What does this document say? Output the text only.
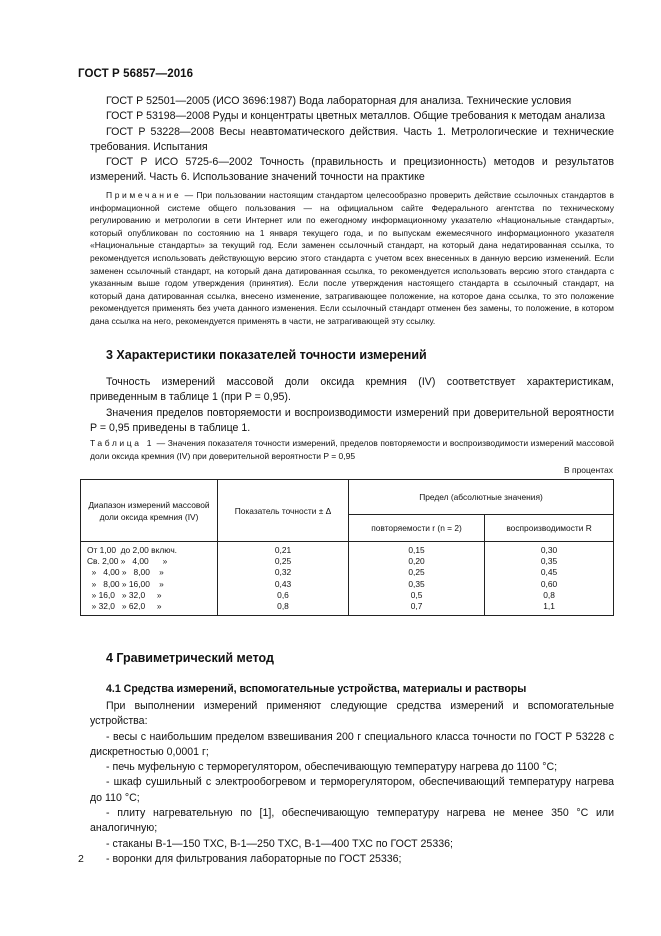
ГОСТ Р 56857—2016

ГОСТ Р 52501—2005 (ИСО 3696:1987) Вода лабораторная для анализа. Технические условия

ГОСТ Р 53198—2008 Руды и концентраты цветных металлов. Общие требования к методам анализа

ГОСТ Р 53228—2008 Весы неавтоматического действия. Часть 1. Метрологические и технические требования. Испытания

ГОСТ Р ИСО 5725-6—2002 Точность (правильность и прецизионность) методов и результатов измерений. Часть 6. Использование значений точности на практике

Примечание — При пользовании настоящим стандартом целесообразно проверить действие ссылочных стандартов в информационной системе общего пользования — на официальном сайте Федерального агентства по техническому регулированию и метрологии в сети Интернет или по ежегодному информационному указателю «Национальные стандарты», который опубликован по состоянию на 1 января текущего года, и по выпускам ежемесячного информационного указателя «Национальные стандарты» за текущий год. Если заменен ссылочный стандарт, на который дана недатированная ссылка, то рекомендуется использовать действующую версию этого стандарта с учетом всех внесенных в данную версию изменений. Если заменен ссылочный стандарт, на который дана датированная ссылка, то рекомендуется использовать версию этого стандарта с указанным выше годом утверждения (принятия). Если после утверждения настоящего стандарта в ссылочный стандарт, на который дана датированная ссылка, внесено изменение, затрагивающее положение, на которое дана ссылка, то это положение рекомендуется применять без учета данного изменения. Если ссылочный стандарт отменен без замены, то положение, в котором дана ссылка на него, рекомендуется применять в части, не затрагивающей эту ссылку.

3 Характеристики показателей точности измерений

Точность измерений массовой доли оксида кремния (IV) соответствует характеристикам, приведенным в таблице 1 (при P = 0,95).

Значения пределов повторяемости и воспроизводимости измерений при доверительной вероятности P = 0,95 приведены в таблице 1.

Таблица 1 — Значения показателя точности измерений, пределов повторяемости и воспроизводимости измерений массовой доли оксида кремния (IV) при доверительной вероятности P = 0,95

В процентах
Диапазон измерений массовой доли оксида кремния (IV)	Показатель точности ± Δ	Предел (абсолютные значения)	
		повторяемости r (n = 2)	воспроизводимости R
От 1,00  до 2,00 включ.	0,21	0,15	0,30
Св. 2,00 »   4,00      »	0,25	0,20	0,35
»   4,00 »   8,00    »	0,32	0,25	0,45
»   8,00 » 16,00    »	0,43	0,35	0,60
» 16,0   » 32,0     »	0,6	0,5	0,8
» 32,0   » 62,0     »	0,8	0,7	1,1
4 Гравиметрический метод
4.1 Средства измерений, вспомогательные устройства, материалы и растворы

При выполнении измерений применяют следующие средства измерений и вспомогательные устройства:

- весы с наибольшим пределом взвешивания 200 г специального класса точности по ГОСТ Р 53228 с дискретностью 0,0001 г;

- печь муфельную с терморегулятором, обеспечивающую температуру нагрева до 1100 °С;

- шкаф сушильный с электрообогревом и терморегулятором, обеспечивающий температуру нагрева до 110 °С;

- плиту нагревательную по [1], обеспечивающую температуру нагрева не менее 350 °С или аналогичную;

- стаканы В-1—150 ТХС, В-1—250 ТХС, В-1—400 ТХС по ГОСТ 25336;

- воронки для фильтрования лабораторные по ГОСТ 25336;

2
